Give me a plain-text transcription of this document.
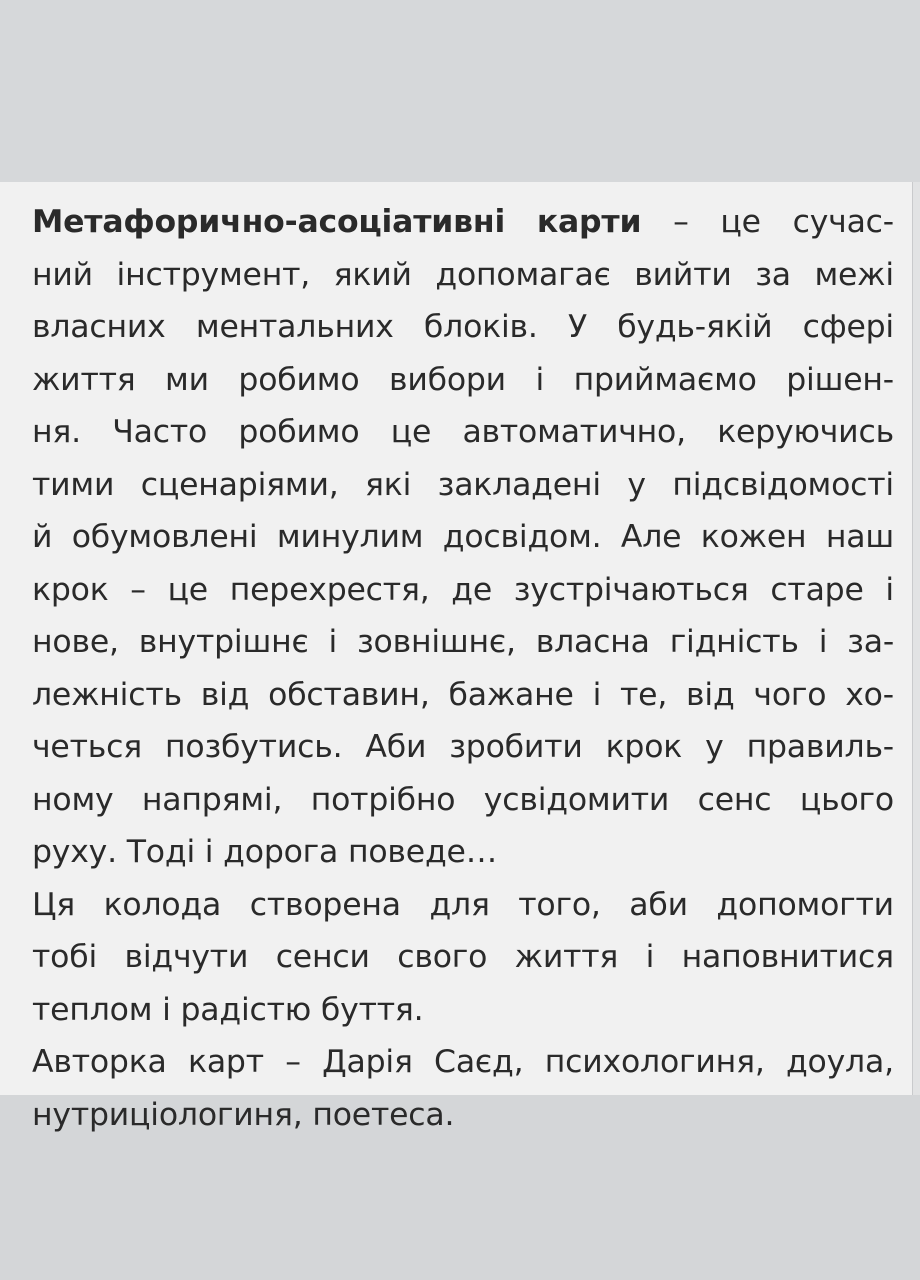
Метафорично-асоціативні карти – це сучас-
ний інструмент, який допомагає вийти за межі
власних ментальних блоків. У будь-якій сфері
життя ми робимо вибори і приймаємо рішен-
ня. Часто робимо це автоматично, керуючись
тими сценаріями, які закладені у підсвідомості
й обумовлені минулим досвідом. Але кожен наш
крок – це перехрестя, де зустрічаються старе і
нове, внутрішнє і зовнішнє, власна гідність і за-
лежність від обставин, бажане і те, від чого хо-
четься позбутись. Аби зробити крок у правиль-
ному напрямі, потрібно усвідомити сенс цього
руху. Тоді і дорога поведе…
Ця колода створена для того, аби допомогти
тобі відчути сенси свого життя і наповнитися
теплом і радістю буття.
Авторка карт – Дарія Саєд, психологиня, доула,
нутриціологиня, поетеса.
